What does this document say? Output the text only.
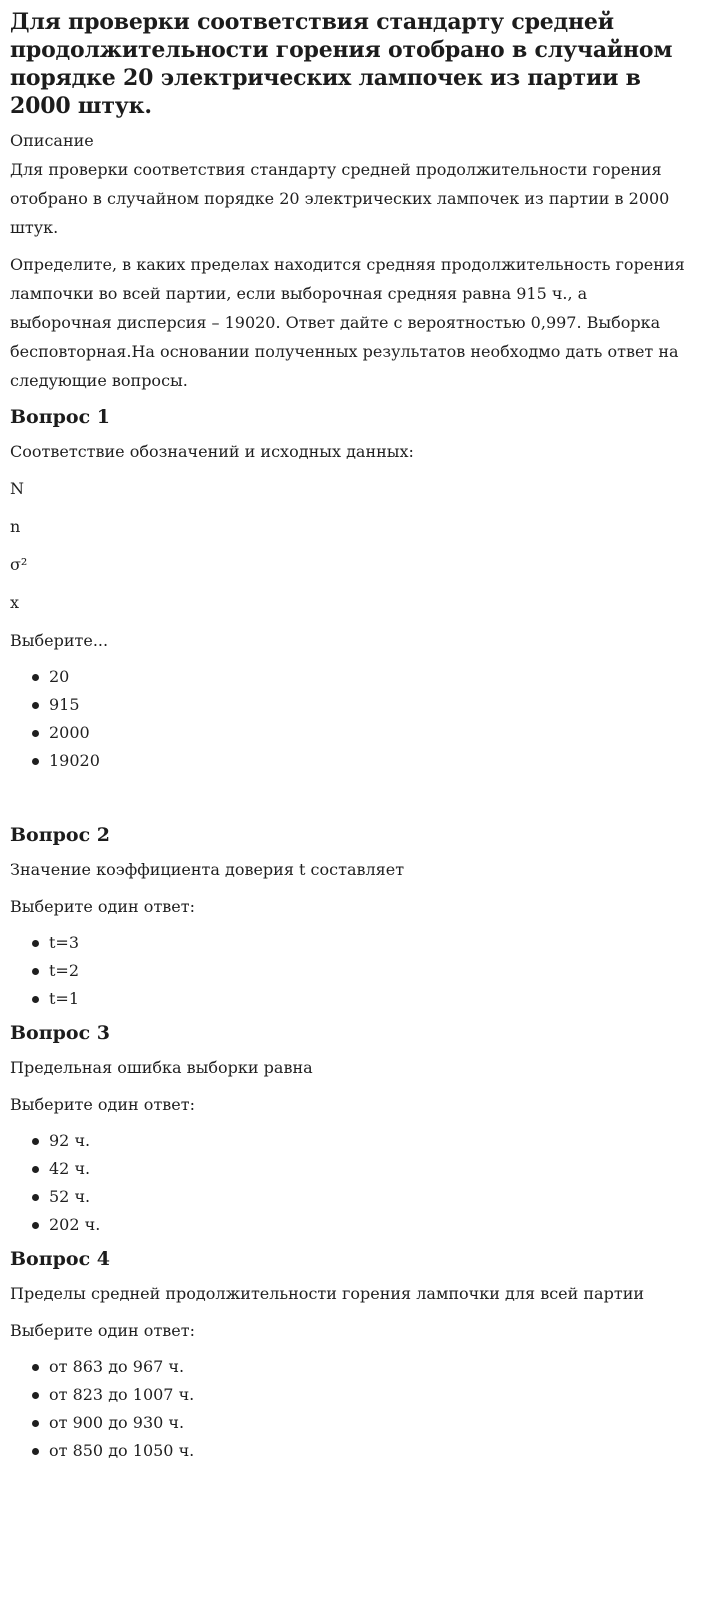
Для проверки соответствия стандарту средней продолжительности горения отобрано в случайном порядке 20 электрических лампочек из партии в 2000 штук.
Описание

Для проверки соответствия стандарту средней продолжительности горения отобрано в случайном порядке 20 электрических лампочек из партии в 2000 штук.

Определите, в каких пределах находится средняя продолжительность горения лампочки во всей партии, если выборочная средняя равна 915 ч., а выборочная дисперсия – 19020. Ответ дайте с вероятностью 0,997. Выборка бесповторная.На основании полученных результатов необходмо дать ответ на следующие вопросы.

Вопрос 1

Соответствие обозначений и исходных данных:

N
n
σ²
x

Выберите...

20
915
2000
19020
Вопрос 2

Значение коэффициента доверия t составляет

Выберите один ответ:

t=3
t=2
t=1
Вопрос 3

Предельная ошибка выборки равна

Выберите один ответ:

92 ч.
42 ч.
52 ч.
202 ч.
Вопрос 4

Пределы средней продолжительности горения лампочки для всей партии

Выберите один ответ:

от 863 до 967 ч.
от 823 до 1007 ч.
от 900 до 930 ч.
от 850 до 1050 ч.
